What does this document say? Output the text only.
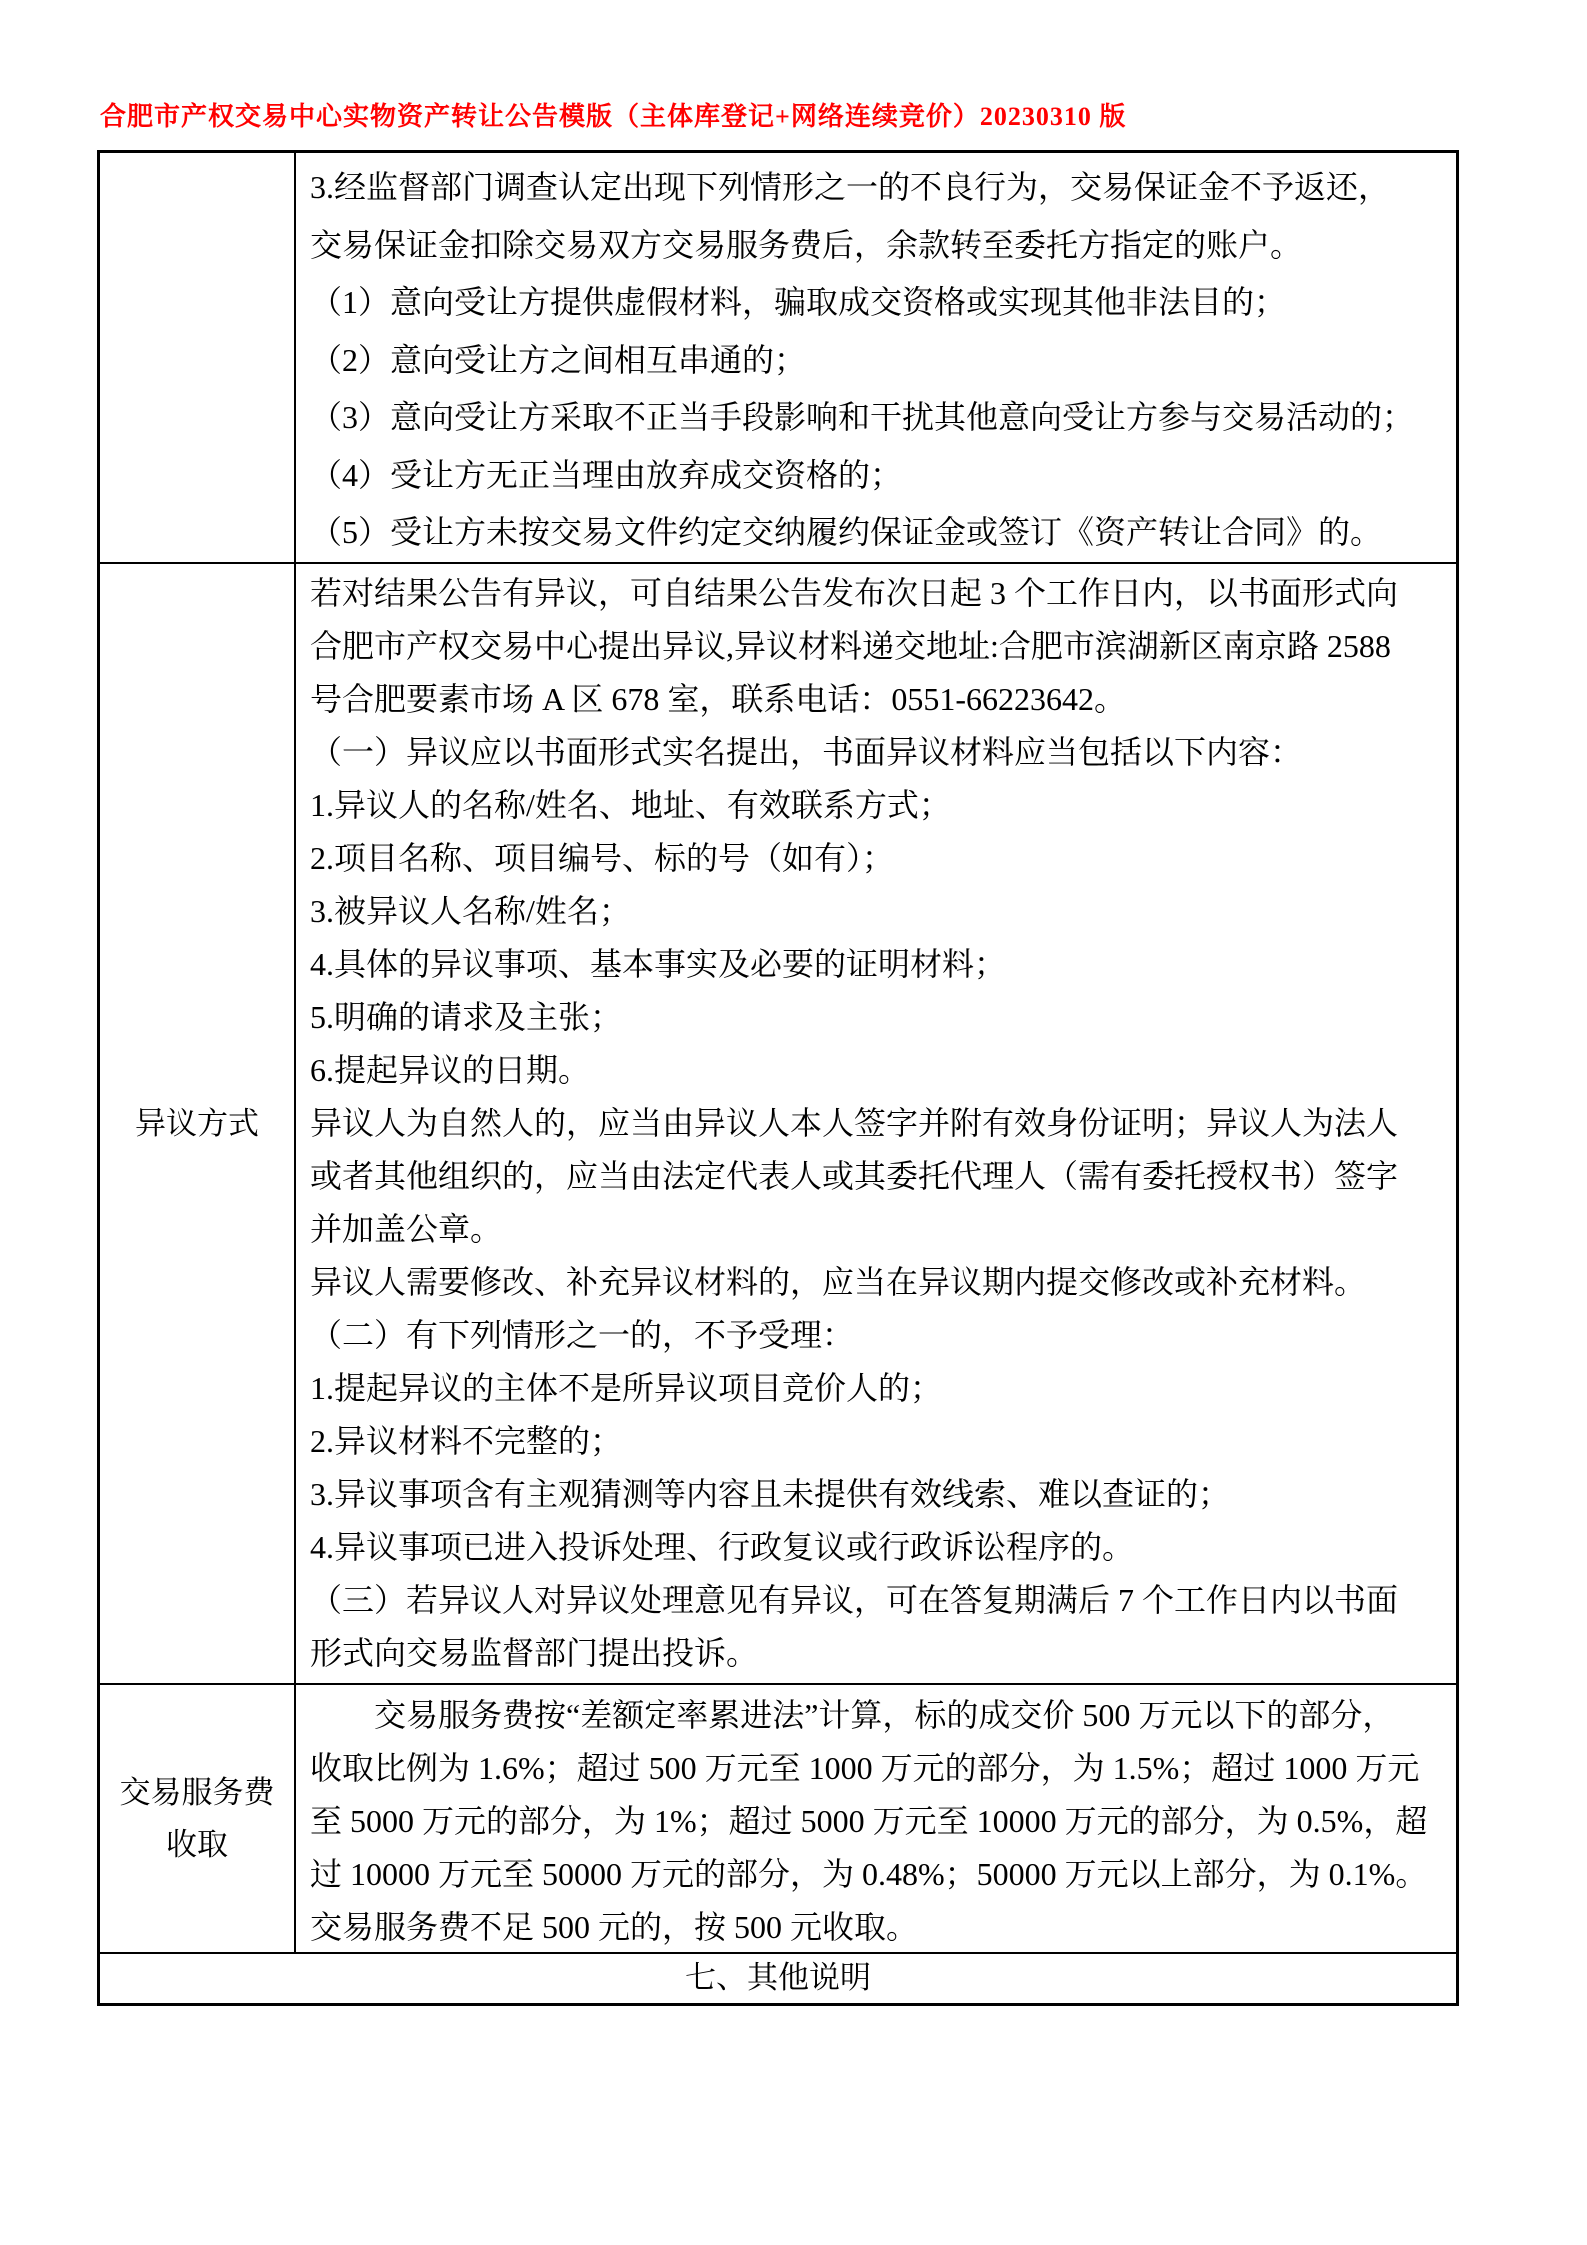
合肥市产权交易中心实物资产转让公告模版（主体库登记+网络连续竞价）20230310 版
3.经监督部门调查认定出现下列情形之一的不良行为，交易保证金不予返还，
交易保证金扣除交易双方交易服务费后，余款转至委托方指定的账户。
（1）意向受让方提供虚假材料，骗取成交资格或实现其他非法目的；
（2）意向受让方之间相互串通的；
（3）意向受让方采取不正当手段影响和干扰其他意向受让方参与交易活动的；
（4）受让方无正当理由放弃成交资格的；
（5）受让方未按交易文件约定交纳履约保证金或签订《资产转让合同》的。
异议方式
若对结果公告有异议，可自结果公告发布次日起 3 个工作日内，以书面形式向
合肥市产权交易中心提出异议,异议材料递交地址:合肥市滨湖新区南京路 2588
号合肥要素市场 A 区 678 室，联系电话：0551-66223642。
（一）异议应以书面形式实名提出，书面异议材料应当包括以下内容：
1.异议人的名称/姓名、地址、有效联系方式；
2.项目名称、项目编号、标的号（如有）；
3.被异议人名称/姓名；
4.具体的异议事项、基本事实及必要的证明材料；
5.明确的请求及主张；
6.提起异议的日期。
异议人为自然人的，应当由异议人本人签字并附有效身份证明；异议人为法人
或者其他组织的，应当由法定代表人或其委托代理人（需有委托授权书）签字
并加盖公章。
异议人需要修改、补充异议材料的，应当在异议期内提交修改或补充材料。
（二）有下列情形之一的，不予受理：
1.提起异议的主体不是所异议项目竞价人的；
2.异议材料不完整的；
3.异议事项含有主观猜测等内容且未提供有效线索、难以查证的；
4.异议事项已进入投诉处理、行政复议或行政诉讼程序的。
（三）若异议人对异议处理意见有异议，可在答复期满后 7 个工作日内以书面
形式向交易监督部门提出投诉。
交易服务费
收取
交易服务费按“差额定率累进法”计算，标的成交价 500 万元以下的部分，
收取比例为 1.6%；超过 500 万元至 1000 万元的部分，为 1.5%；超过 1000 万元
至 5000 万元的部分，为 1%；超过 5000 万元至 10000 万元的部分，为 0.5%，超
过 10000 万元至 50000 万元的部分，为 0.48%；50000 万元以上部分，为 0.1%。
交易服务费不足 500 元的，按 500 元收取。
七、其他说明
